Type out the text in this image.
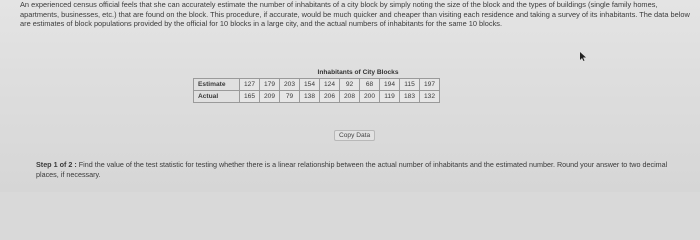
An experienced census official feels that she can accurately estimate the number of inhabitants of a city block by simply noting the size of the block and the types of buildings (single family homes, apartments, businesses, etc.) that are found on the block. This procedure, if accurate, would be much quicker and cheaper than visiting each residence and taking a survey of its inhabitants. The data below are estimates of block populations provided by the official for 10 blocks in a large city, and the actual numbers of inhabitants for the same 10 blocks.
Inhabitants of City Blocks
Estimate	127	179	203	154	124	92	68	194	115	197
Actual	165	209	79	138	206	208	200	119	183	132
Copy Data
Step 1 of 2 : Find the value of the test statistic for testing whether there is a linear relationship between the actual number of inhabitants and the estimated number. Round your answer to two decimal places, if necessary.
